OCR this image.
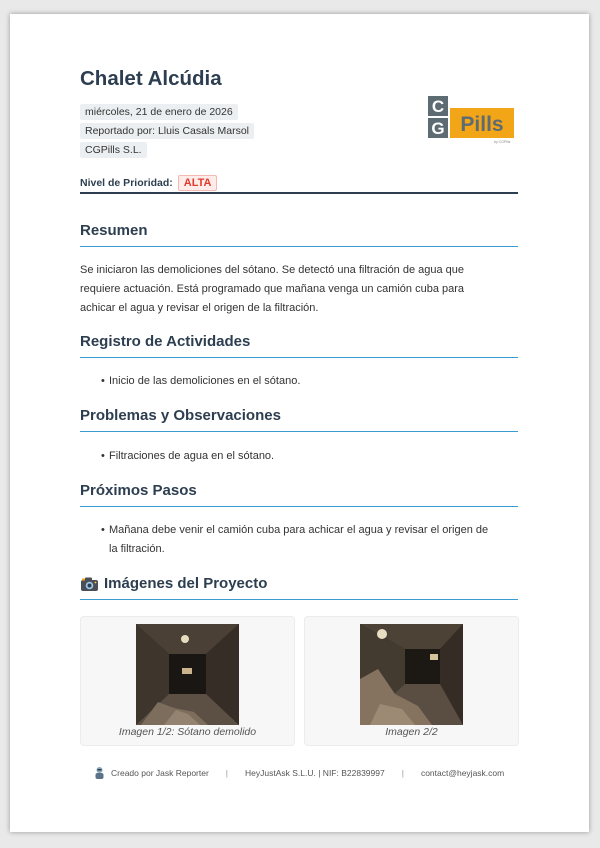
Chalet Alcúdia
miércoles, 21 de enero de 2026
Reportado por: Lluis Casals Marsol
CGPills S.L.
Nivel de Prioridad:	ALTA
C
G Pills
by CGPills
Resumen

Se iniciaron las demoliciones del sótano. Se detectó una filtración de agua que
requiere actuación. Está programado que mañana venga un camión cuba para
achicar el agua y revisar el origen de la filtración.

Registro de Actividades

• Inicio de las demoliciones en el sótano.

Problemas y Observaciones

• Filtraciones de agua en el sótano.

Próximos Pasos

• Mañana debe venir el camión cuba para achicar el agua y revisar el origen de
la filtración.

Imágenes del Proyecto
Imagen 1/2: Sótano demolido	Imagen 2/2
Creado por Jask Reporter | HeyJustAsk S.L.U. | NIF: B22839997 | contact@heyjask.com
